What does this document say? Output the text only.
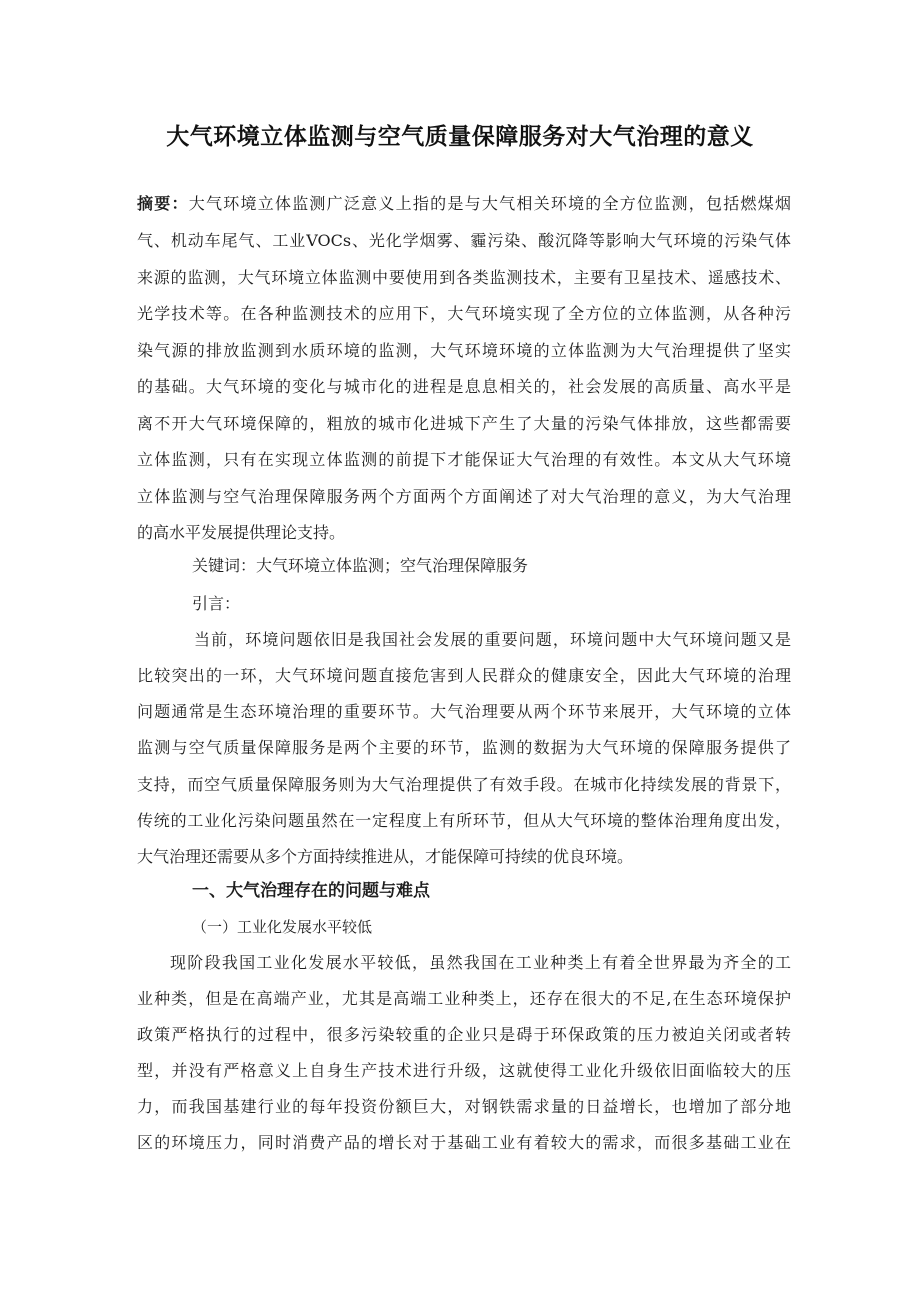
大气环境立体监测与空气质量保障服务对大气治理的意义
摘要：大气环境立体监测广泛意义上指的是与大气相关环境的全方位监测，包括燃煤烟
气、机动车尾气、工业VOCs、光化学烟雾、霾污染、酸沉降等影响大气环境的污染气体
来源的监测，大气环境立体监测中要使用到各类监测技术，主要有卫星技术、遥感技术、
光学技术等。在各种监测技术的应用下，大气环境实现了全方位的立体监测，从各种污
染气源的排放监测到水质环境的监测，大气环境环境的立体监测为大气治理提供了坚实
的基础。大气环境的变化与城市化的进程是息息相关的，社会发展的高质量、高水平是
离不开大气环境保障的，粗放的城市化进城下产生了大量的污染气体排放，这些都需要
立体监测，只有在实现立体监测的前提下才能保证大气治理的有效性。本文从大气环境
立体监测与空气治理保障服务两个方面两个方面阐述了对大气治理的意义，为大气治理
的高水平发展提供理论支持。
关键词：大气环境立体监测；空气治理保障服务
引言：
当前，环境问题依旧是我国社会发展的重要问题，环境问题中大气环境问题又是
比较突出的一环，大气环境问题直接危害到人民群众的健康安全，因此大气环境的治理
问题通常是生态环境治理的重要环节。大气治理要从两个环节来展开，大气环境的立体
监测与空气质量保障服务是两个主要的环节，监测的数据为大气环境的保障服务提供了
支持，而空气质量保障服务则为大气治理提供了有效手段。在城市化持续发展的背景下，
传统的工业化污染问题虽然在一定程度上有所环节，但从大气环境的整体治理角度出发，
大气治理还需要从多个方面持续推进从，才能保障可持续的优良环境。
一、大气治理存在的问题与难点
（一）工业化发展水平较低
现阶段我国工业化发展水平较低，虽然我国在工业种类上有着全世界最为齐全的工
业种类，但是在高端产业，尤其是高端工业种类上，还存在很大的不足,在生态环境保护
政策严格执行的过程中，很多污染较重的企业只是碍于环保政策的压力被迫关闭或者转
型，并没有严格意义上自身生产技术进行升级，这就使得工业化升级依旧面临较大的压
力，而我国基建行业的每年投资份额巨大，对钢铁需求量的日益增长，也增加了部分地
区的环境压力，同时消费产品的增长对于基础工业有着较大的需求，而很多基础工业在
